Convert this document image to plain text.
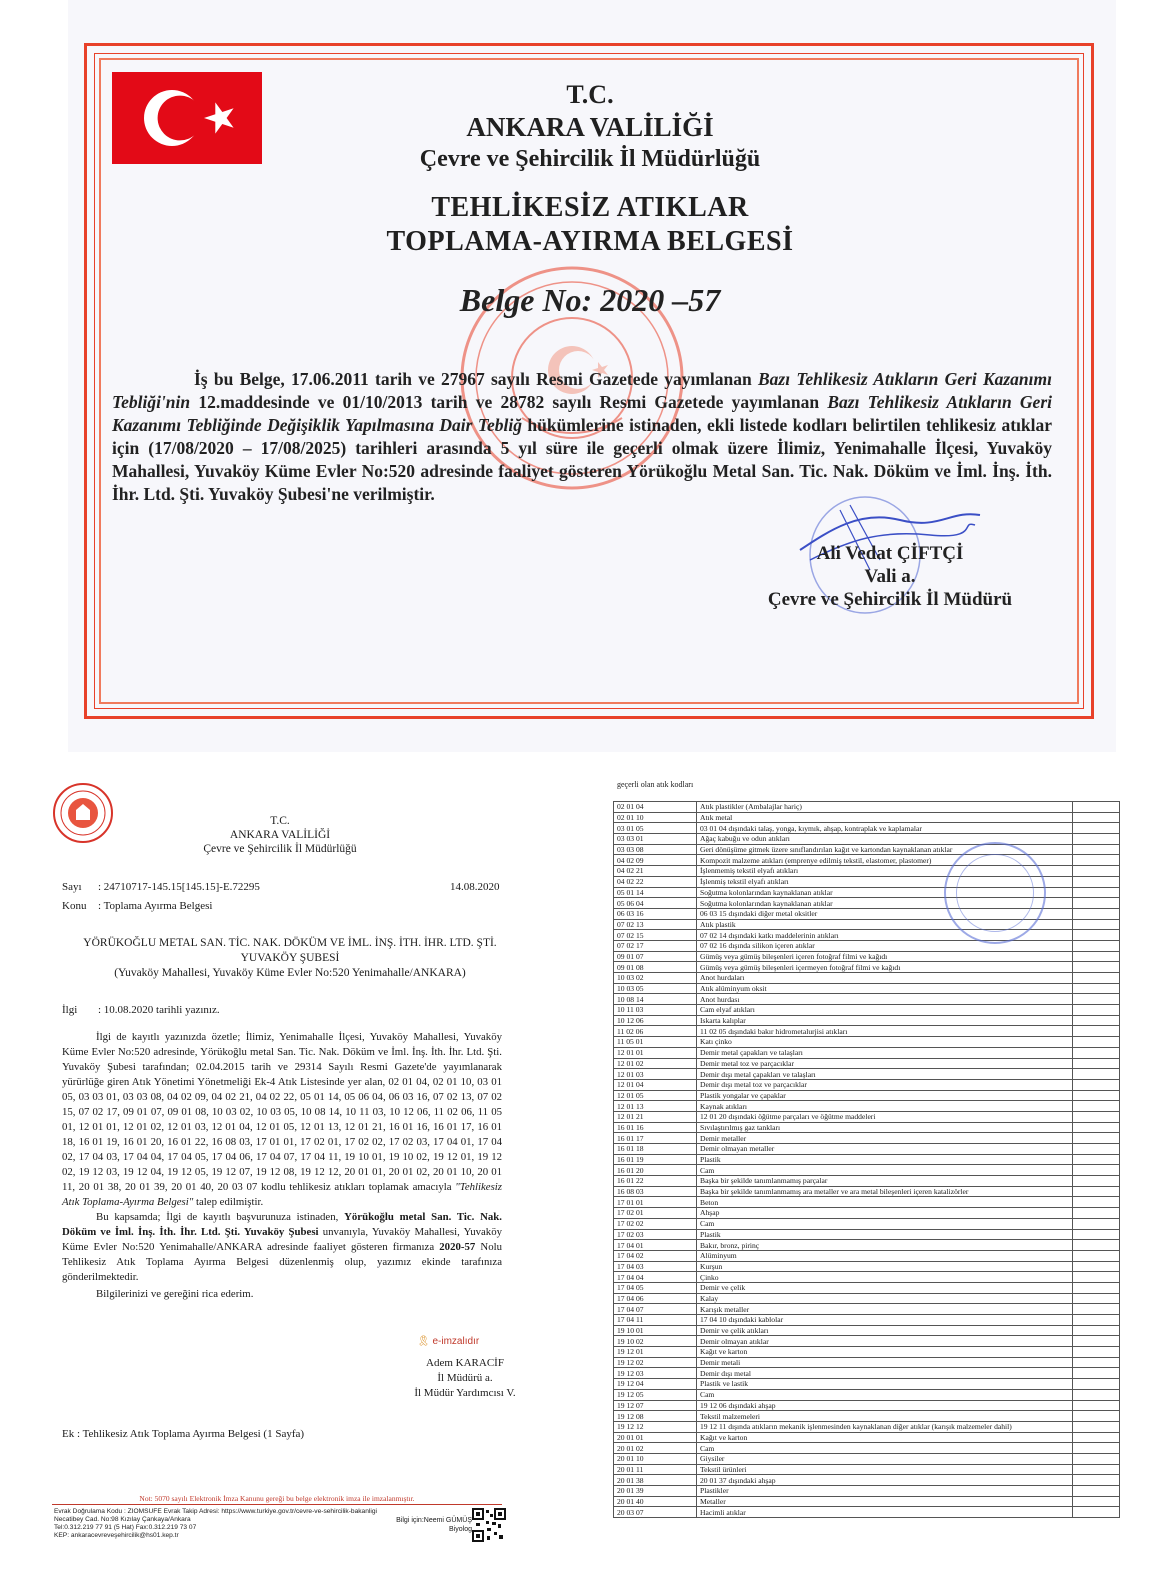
T.C.
ANKARA VALİLİĞİ
Çevre ve Şehircilik İl Müdürlüğü
TEHLİKESİZ ATIKLAR
TOPLAMA-AYIRMA BELGESİ
Belge No: 2020 –57
İş bu Belge, 17.06.2011 tarih ve 27967 sayılı Resmi Gazetede yayımlanan Bazı Tehlikesiz Atıkların Geri Kazanımı Tebliği'nin 12.maddesinde ve 01/10/2013 tarih ve 28782 sayılı Resmi Gazetede yayımlanan Bazı Tehlikesiz Atıkların Geri Kazanımı Tebliğinde Değişiklik Yapılmasına Dair Tebliğ hükümlerine istinaden, ekli listede kodları belirtilen tehlikesiz atıklar için (17/08/2020 – 17/08/2025) tarihleri arasında 5 yıl süre ile geçerli olmak üzere İlimiz, Yenimahalle İlçesi, Yuvaköy Mahallesi, Yuvaköy Küme Evler No:520 adresinde faaliyet gösteren Yörükoğlu Metal San. Tic. Nak. Döküm ve İml. İnş. İth. İhr. Ltd. Şti. Yuvaköy Şubesi'ne verilmiştir.
Ali Vedat ÇİFTÇİ
Vali a.
Çevre ve Şehircilik İl Müdürü
T.C.
ANKARA VALİLİĞİ
Çevre ve Şehircilik İl Müdürlüğü
Sayı : 24710717-145.15[145.15]-E.72295	14.08.2020
Konu : Toplama Ayırma Belgesi
YÖRÜKOĞLU METAL SAN. TİC. NAK. DÖKÜM VE İML. İNŞ. İTH. İHR. LTD. ŞTİ.
YUVAKÖY ŞUBESİ
(Yuvaköy Mahallesi, Yuvaköy Küme Evler No:520 Yenimahalle/ANKARA)
İlgi : 10.08.2020 tarihli yazınız.

İlgi de kayıtlı yazınızda özetle; İlimiz, Yenimahalle İlçesi, Yuvaköy Mahallesi, Yuvaköy Küme Evler No:520 adresinde, Yörükoğlu metal San. Tic. Nak. Döküm ve İml. İnş. İth. İhr. Ltd. Şti. Yuvaköy Şubesi tarafından; 02.04.2015 tarih ve 29314 Sayılı Resmi Gazete'de yayımlanarak yürürlüğe giren Atık Yönetimi Yönetmeliği Ek-4 Atık Listesinde yer alan, 02 01 04, 02 01 10, 03 01 05, 03 03 01, 03 03 08, 04 02 09, 04 02 21, 04 02 22, 05 01 14, 05 06 04, 06 03 16, 07 02 13, 07 02 15, 07 02 17, 09 01 07, 09 01 08, 10 03 02, 10 03 05, 10 08 14, 10 11 03, 10 12 06, 11 02 06, 11 05 01, 12 01 01, 12 01 02, 12 01 03, 12 01 04, 12 01 05, 12 01 13, 12 01 21, 16 01 16, 16 01 17, 16 01 18, 16 01 19, 16 01 20, 16 01 22, 16 08 03, 17 01 01, 17 02 01, 17 02 02, 17 02 03, 17 04 01, 17 04 02, 17 04 03, 17 04 04, 17 04 05, 17 04 06, 17 04 07, 17 04 11, 19 10 01, 19 10 02, 19 12 01, 19 12 02, 19 12 03, 19 12 04, 19 12 05, 19 12 07, 19 12 08, 19 12 12, 20 01 01, 20 01 02, 20 01 10, 20 01 11, 20 01 38, 20 01 39, 20 01 40, 20 03 07 kodlu tehlikesiz atıkları toplamak amacıyla "Tehlikesiz Atık Toplama-Ayırma Belgesi" talep edilmiştir.

Bu kapsamda; İlgi de kayıtlı başvurunuza istinaden, Yörükoğlu metal San. Tic. Nak. Döküm ve İml. İnş. İth. İhr. Ltd. Şti. Yuvaköy Şubesi unvanıyla, Yuvaköy Mahallesi, Yuvaköy Küme Evler No:520 Yenimahalle/ANKARA adresinde faaliyet gösteren firmanıza 2020-57 Nolu Tehlikesiz Atık Toplama Ayırma Belgesi düzenlenmiş olup, yazımız ekinde tarafınıza gönderilmektedir.

Bilgilerinizi ve gereğini rica ederim.

🎗 e-imzalıdır
Adem KARACİF
İl Müdürü a.
İl Müdür Yardımcısı V.
Ek : Tehlikesiz Atık Toplama Ayırma Belgesi (1 Sayfa)
Not: 5070 sayılı Elektronik İmza Kanunu gereği bu belge elektronik imza ile imzalanmıştır.
Evrak Doğrulama Kodu : ZIOMSUFE Evrak Takip Adresi: https://www.turkiye.gov.tr/cevre-ve-sehircilik-bakanligi
Necatibey Cad. No:98 Kızılay Çankaya/Ankara
Tel:0.312.219 77 91 (5 Hat) Fax:0.312.219 73 07
KEP: ankaracevreveşehircilik@hs01.kep.tr
Bilgi için:Neemi GÜMÜŞ
Biyolog
geçerli olan atık kodları
02 01 04	Atık plastikler (Ambalajlar hariç)	
02 01 10	Atık metal	
03 01 05	03 01 04 dışındaki talaş, yonga, kıymık, ahşap, kontraplak ve kaplamalar	
03 03 01	Ağaç kabuğu ve odun atıkları	
03 03 08	Geri dönüşüme gitmek üzere sınıflandırılan kağıt ve kartondan kaynaklanan atıklar	
04 02 09	Kompozit malzeme atıkları (emprenye edilmiş tekstil, elastomer, plastomer)	
04 02 21	İşlenmemiş tekstil elyafı atıkları	
04 02 22	İşlenmiş tekstil elyafı atıkları	
05 01 14	Soğutma kolonlarından kaynaklanan atıklar	
05 06 04	Soğutma kolonlarından kaynaklanan atıklar	
06 03 16	06 03 15 dışındaki diğer metal oksitler	
07 02 13	Atık plastik	
07 02 15	07 02 14 dışındaki katkı maddelerinin atıkları	
07 02 17	07 02 16 dışında silikon içeren atıklar	
09 01 07	Gümüş veya gümüş bileşenleri içeren fotoğraf filmi ve kağıdı	
09 01 08	Gümüş veya gümüş bileşenleri içermeyen fotoğraf filmi ve kağıdı	
10 03 02	Anot hurdaları	
10 03 05	Atık alüminyum oksit	
10 08 14	Anot hurdası	
10 11 03	Cam elyaf atıkları	
10 12 06	Iskarta kalıplar	
11 02 06	11 02 05 dışındaki bakır hidrometalurjisi atıkları	
11 05 01	Katı çinko	
12 01 01	Demir metal çapakları ve talaşları	
12 01 02	Demir metal toz ve parçacıklar	
12 01 03	Demir dışı metal çapakları ve talaşları	
12 01 04	Demir dışı metal toz ve parçacıklar	
12 01 05	Plastik yongalar ve çapaklar	
12 01 13	Kaynak atıkları	
12 01 21	12 01 20 dışındaki öğütme parçaları ve öğütme maddeleri	
16 01 16	Sıvılaştırılmış gaz tankları	
16 01 17	Demir metaller	
16 01 18	Demir olmayan metaller	
16 01 19	Plastik	
16 01 20	Cam	
16 01 22	Başka bir şekilde tanımlanmamış parçalar	
16 08 03	Başka bir şekilde tanımlanmamış ara metaller ve ara metal bileşenleri içeren katalizörler	
17 01 01	Beton	
17 02 01	Ahşap	
17 02 02	Cam	
17 02 03	Plastik	
17 04 01	Bakır, bronz, pirinç	
17 04 02	Alüminyum	
17 04 03	Kurşun	
17 04 04	Çinko	
17 04 05	Demir ve çelik	
17 04 06	Kalay	
17 04 07	Karışık metaller	
17 04 11	17 04 10 dışındaki kablolar	
19 10 01	Demir ve çelik atıkları	
19 10 02	Demir olmayan atıklar	
19 12 01	Kağıt ve karton	
19 12 02	Demir metali	
19 12 03	Demir dışı metal	
19 12 04	Plastik ve lastik	
19 12 05	Cam	
19 12 07	19 12 06 dışındaki ahşap	
19 12 08	Tekstil malzemeleri	
19 12 12	19 12 11 dışında atıkların mekanik işlenmesinden kaynaklanan diğer atıklar (karışık malzemeler dahil)	
20 01 01	Kağıt ve karton	
20 01 02	Cam	
20 01 10	Giysiler	
20 01 11	Tekstil ürünleri	
20 01 38	20 01 37 dışındaki ahşap	
20 01 39	Plastikler	
20 01 40	Metaller	
20 03 07	Hacimli atıklar	
